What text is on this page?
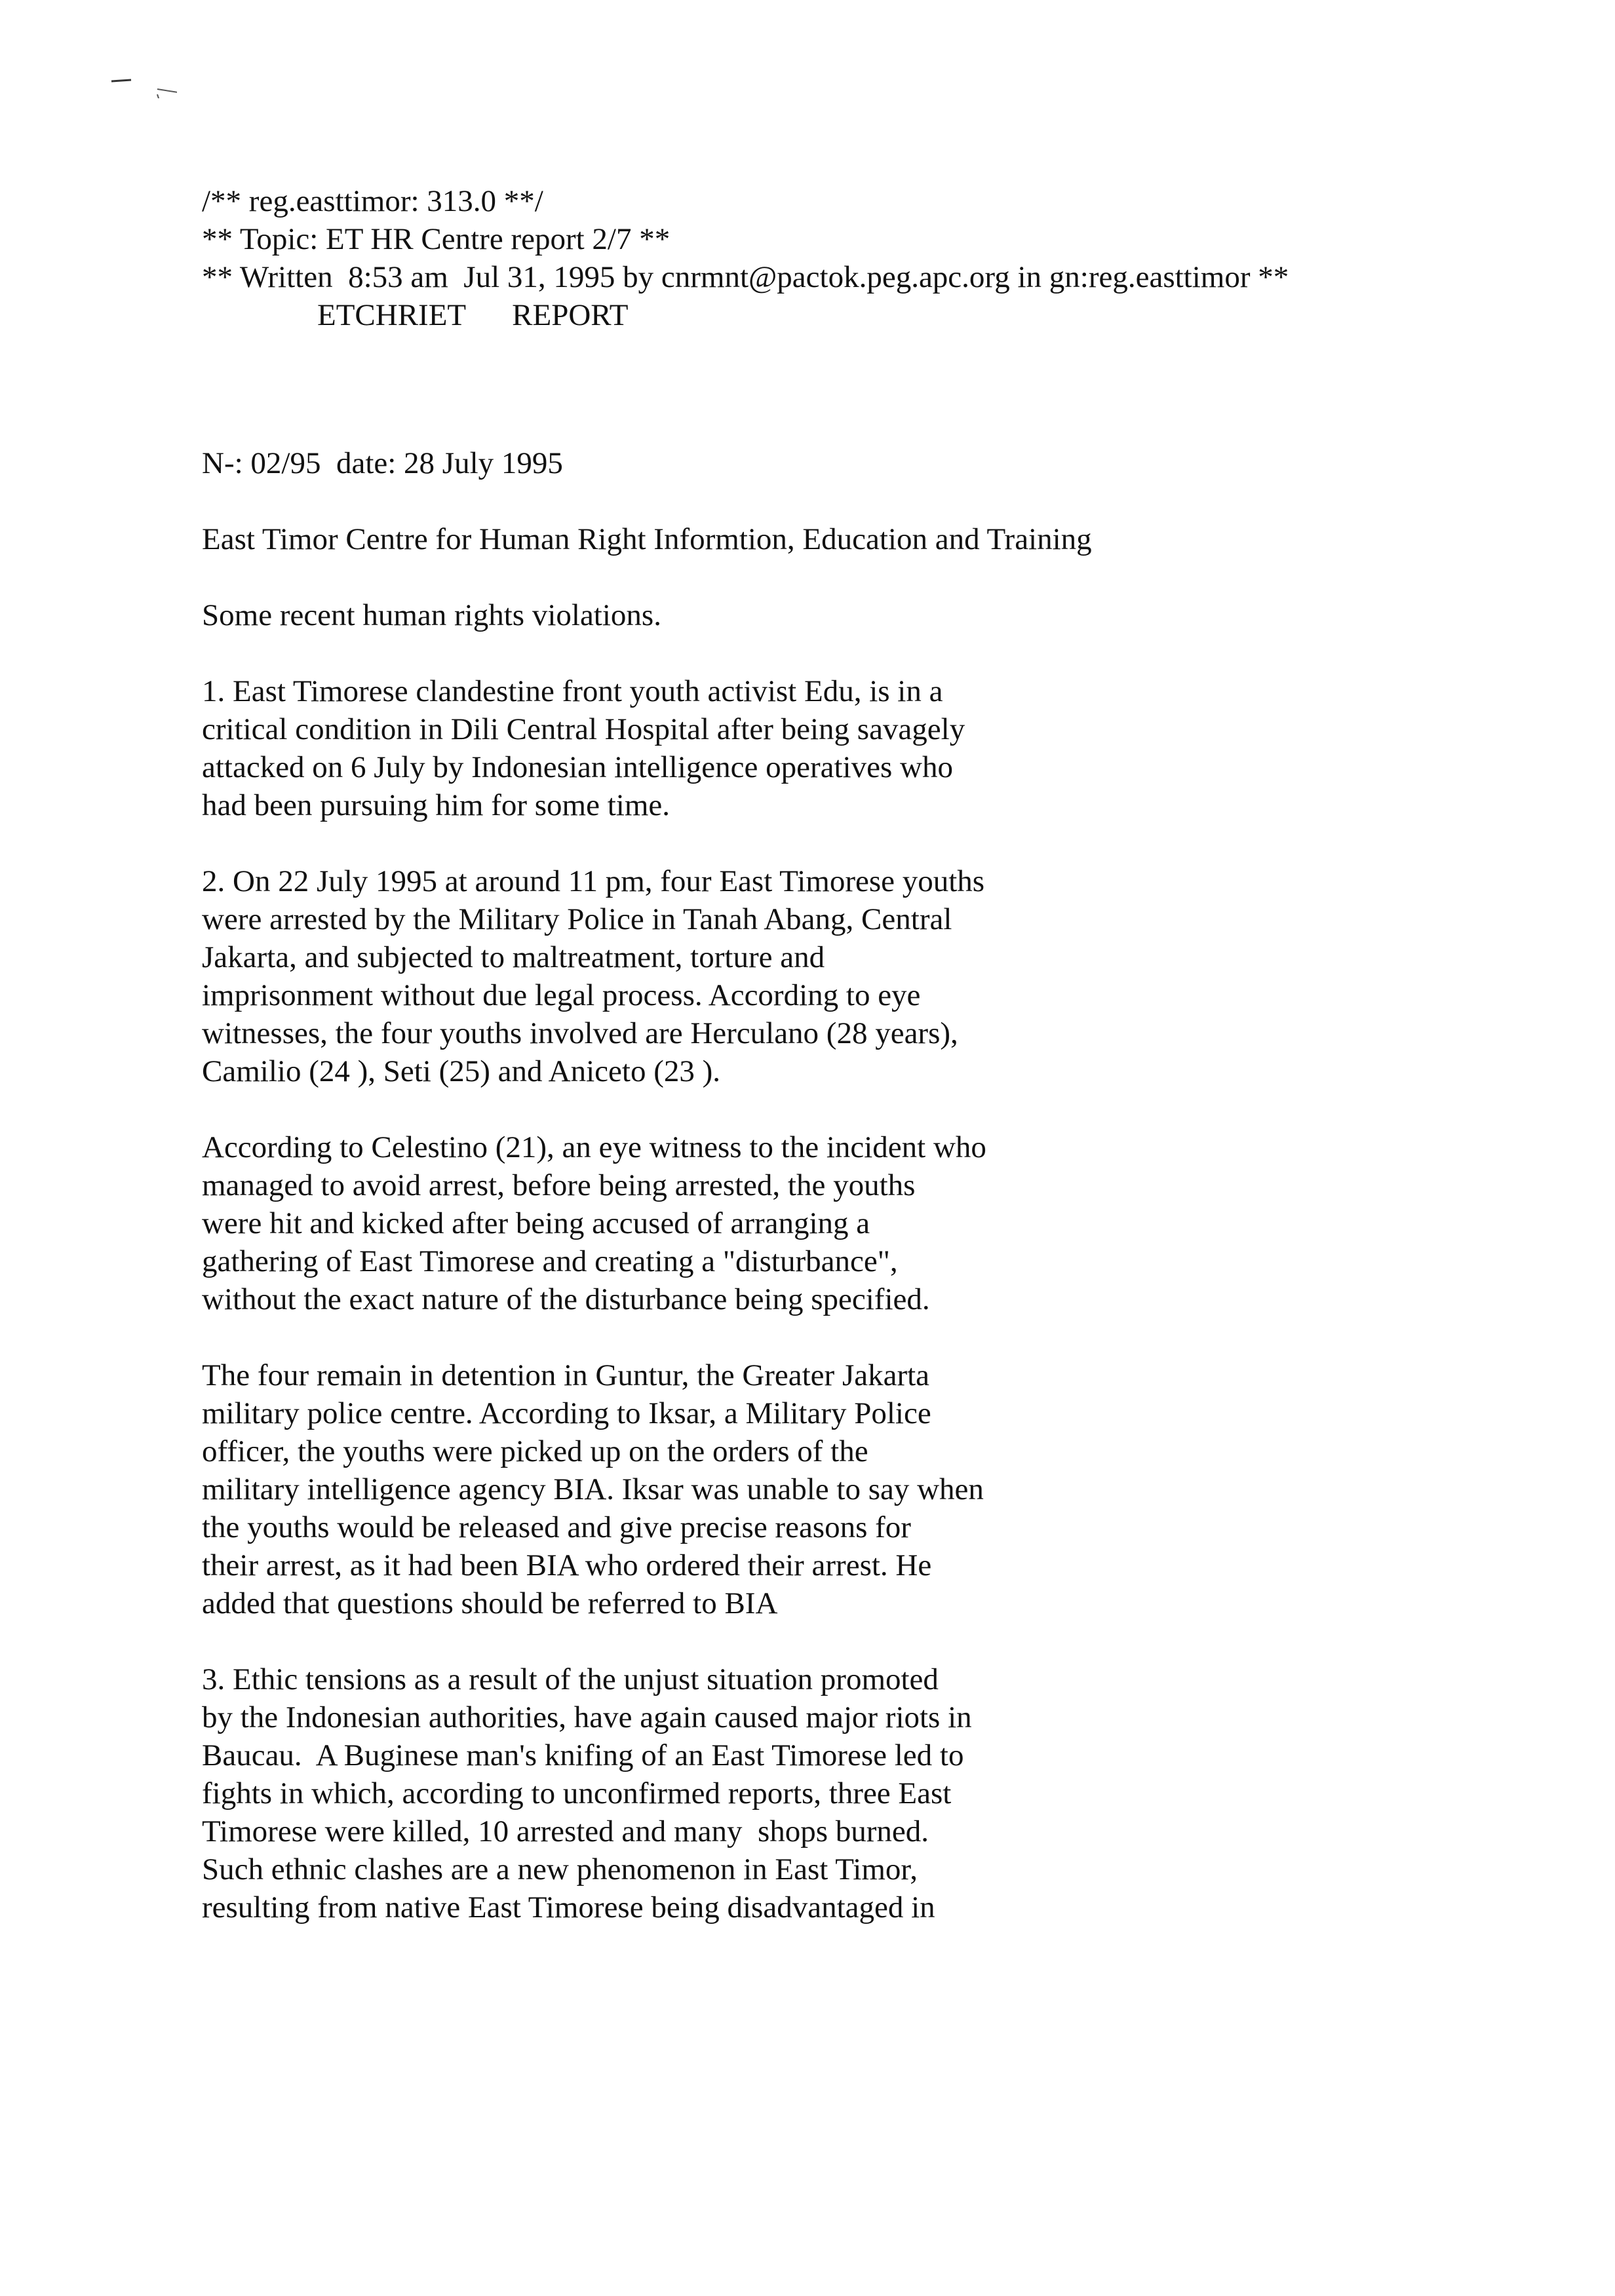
/** reg.easttimor: 313.0 **/
** Topic: ET HR Centre report 2/7 **
** Written  8:53 am  Jul 31, 1995 by cnrmnt@pactok.peg.apc.org in gn:reg.easttimor **
ETCHRIET REPORT
N-: 02/95  date: 28 July 1995
East Timor Centre for Human Right Informtion, Education and Training
Some recent human rights violations.
1. East Timorese clandestine front youth activist Edu, is in a
critical condition in Dili Central Hospital after being savagely
attacked on 6 July by Indonesian intelligence operatives who
had been pursuing him for some time.
2. On 22 July 1995 at around 11 pm, four East Timorese youths
were arrested by the Military Police in Tanah Abang, Central
Jakarta, and subjected to maltreatment, torture and
imprisonment without due legal process. According to eye
witnesses, the four youths involved are Herculano (28 years),
Camilio (24 ), Seti (25) and Aniceto (23 ).
According to Celestino (21), an eye witness to the incident who
managed to avoid arrest, before being arrested, the youths
were hit and kicked after being accused of arranging a
gathering of East Timorese and creating a "disturbance",
without the exact nature of the disturbance being specified.
The four remain in detention in Guntur, the Greater Jakarta
military police centre. According to Iksar, a Military Police
officer, the youths were picked up on the orders of the
military intelligence agency BIA. Iksar was unable to say when
the youths would be released and give precise reasons for
their arrest, as it had been BIA who ordered their arrest. He
added that questions should be referred to BIA
3. Ethic tensions as a result of the unjust situation promoted
by the Indonesian authorities, have again caused major riots in
Baucau.  A Buginese man's knifing of an East Timorese led to
fights in which, according to unconfirmed reports, three East
Timorese were killed, 10 arrested and many  shops burned.
Such ethnic clashes are a new phenomenon in East Timor,
resulting from native East Timorese being disadvantaged in
